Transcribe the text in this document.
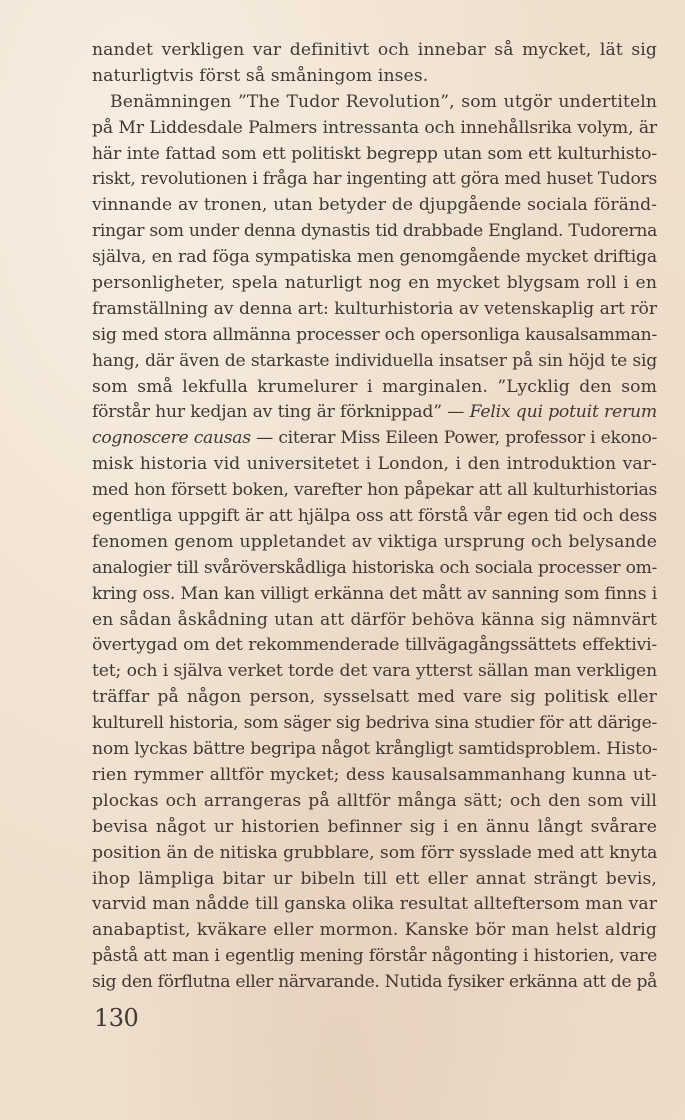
nandet verkligen var definitivt och innebar så mycket, lät sig
naturligtvis först så småningom inses.
Benämningen ”The Tudor Revolution”, som utgör undertiteln
på Mr Liddesdale Palmers intressanta och innehållsrika volym, är
här inte fattad som ett politiskt begrepp utan som ett kulturhisto-
riskt, revolutionen i fråga har ingenting att göra med huset Tudors
vinnande av tronen, utan betyder de djupgående sociala föränd-
ringar som under denna dynastis tid drabbade England. Tudorerna
själva, en rad föga sympatiska men genomgående mycket driftiga
personligheter, spela naturligt nog en mycket blygsam roll i en
framställning av denna art: kulturhistoria av vetenskaplig art rör
sig med stora allmänna processer och opersonliga kausalsamman-
hang, där även de starkaste individuella insatser på sin höjd te sig
som små lekfulla krumelurer i marginalen. ”Lycklig den som
förstår hur kedjan av ting är förknippad” — Felix qui potuit rerum
cognoscere causas — citerar Miss Eileen Power, professor i ekono-
misk historia vid universitetet i London, i den introduktion var-
med hon försett boken, varefter hon påpekar att all kulturhistorias
egentliga uppgift är att hjälpa oss att förstå vår egen tid och dess
fenomen genom uppletandet av viktiga ursprung och belysande
analogier till svåröverskådliga historiska och sociala processer om-
kring oss. Man kan villigt erkänna det mått av sanning som finns i
en sådan åskådning utan att därför behöva känna sig nämnvärt
övertygad om det rekommenderade tillvägagångssättets effektivi-
tet; och i själva verket torde det vara ytterst sällan man verkligen
träffar på någon person, sysselsatt med vare sig politisk eller
kulturell historia, som säger sig bedriva sina studier för att därige-
nom lyckas bättre begripa något krångligt samtidsproblem. Histo-
rien rymmer alltför mycket; dess kausalsammanhang kunna ut-
plockas och arrangeras på alltför många sätt; och den som vill
bevisa något ur historien befinner sig i en ännu långt svårare
position än de nitiska grubblare, som förr sysslade med att knyta
ihop lämpliga bitar ur bibeln till ett eller annat strängt bevis,
varvid man nådde till ganska olika resultat allteftersom man var
anabaptist, kväkare eller mormon. Kanske bör man helst aldrig
påstå att man i egentlig mening förstår någonting i historien, vare
sig den förflutna eller närvarande. Nutida fysiker erkänna att de på
130
